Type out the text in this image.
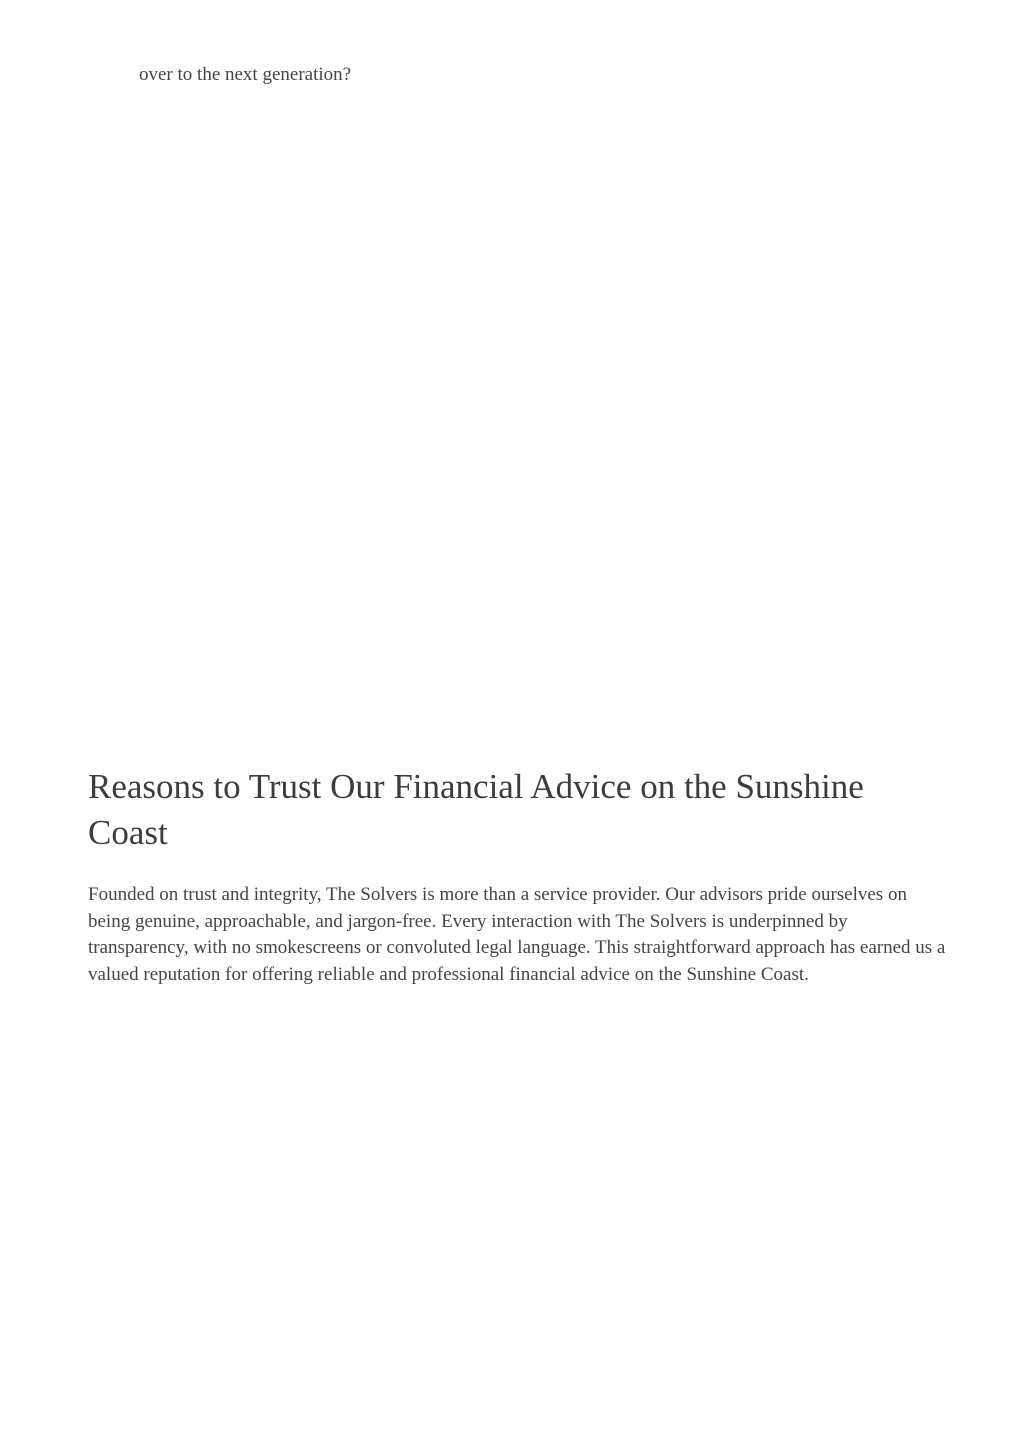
over to the next generation?
Reasons to Trust Our Financial Advice on the Sunshine Coast

Founded on trust and integrity, The Solvers is more than a service provider. Our advisors pride ourselves on being genuine, approachable, and jargon-free. Every interaction with The Solvers is underpinned by transparency, with no smokescreens or convoluted legal language. This straightforward approach has earned us a valued reputation for offering reliable and professional financial advice on the Sunshine Coast.
